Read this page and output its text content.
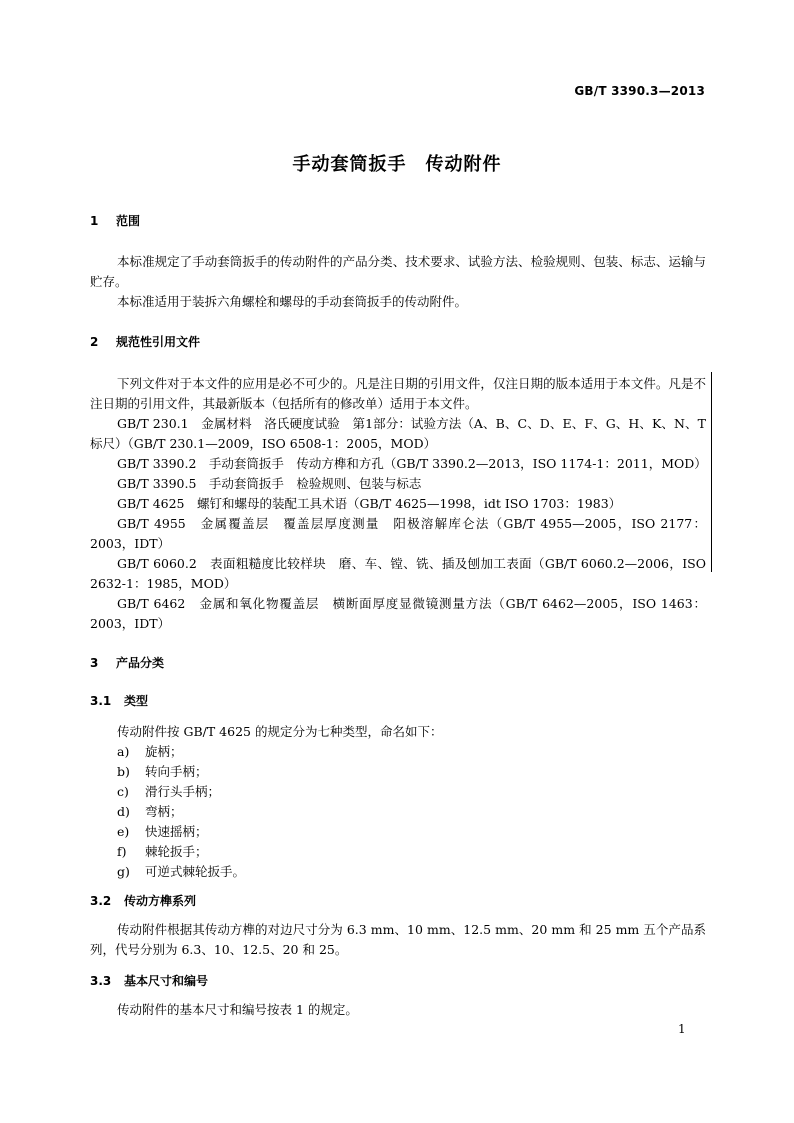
GB/T 3390.3—2013
手动套筒扳手　传动附件
1 范围
本标准规定了手动套筒扳手的传动附件的产品分类、技术要求、试验方法、检验规则、包装、标志、运输与贮存。
本标准适用于装拆六角螺栓和螺母的手动套筒扳手的传动附件。
2 规范性引用文件

下列文件对于本文件的应用是必不可少的。凡是注日期的引用文件，仅注日期的版本适用于本文件。凡是不注日期的引用文件，其最新版本（包括所有的修改单）适用于本文件。

GB/T 230.1　金属材料　洛氏硬度试验　第1部分：试验方法（A、B、C、D、E、F、G、H、K、N、T 标尺）（GB/T 230.1—2009，ISO 6508-1：2005，MOD）

GB/T 3390.2　手动套筒扳手　传动方榫和方孔（GB/T 3390.2—2013，ISO 1174-1：2011，MOD）

GB/T 3390.5　手动套筒扳手　检验规则、包装与标志

GB/T 4625　螺钉和螺母的装配工具术语（GB/T 4625—1998，idt ISO 1703：1983）

GB/T 4955　金属覆盖层　覆盖层厚度测量　阳极溶解库仑法（GB/T 4955—2005，ISO 2177：2003，IDT）

GB/T 6060.2　表面粗糙度比较样块　磨、车、镗、铣、插及刨加工表面（GB/T 6060.2—2006，ISO 2632-1：1985，MOD）

GB/T 6462　金属和氧化物覆盖层　横断面厚度显微镜测量方法（GB/T 6462—2005，ISO 1463：2003，IDT）

3 产品分类
3.1 类型
传动附件按 GB/T 4625 的规定分为七种类型，命名如下：
a) 旋柄；
b) 转向手柄；
c) 滑行头手柄；
d) 弯柄；
e) 快速摇柄；
f) 棘轮扳手；
g) 可逆式棘轮扳手。
3.2 传动方榫系列
传动附件根据其传动方榫的对边尺寸分为 6.3 mm、10 mm、12.5 mm、20 mm 和 25 mm 五个产品系列，代号分别为 6.3、10、12.5、20 和 25。
3.3 基本尺寸和编号
传动附件的基本尺寸和编号按表 1 的规定。
1
